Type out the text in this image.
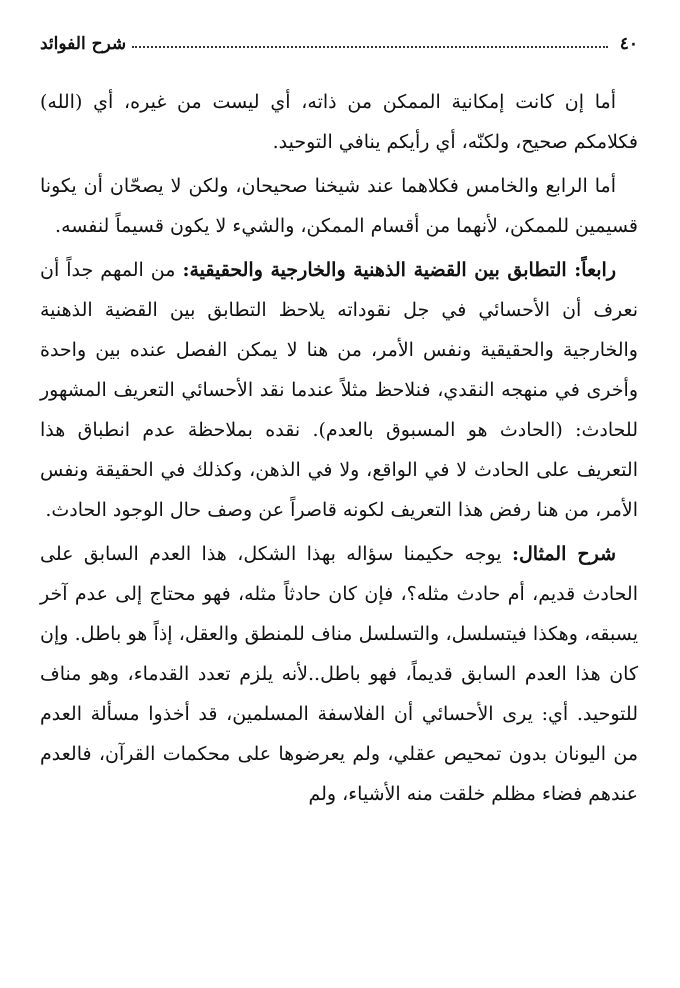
٤٠
شرح الفوائد

أما إن كانت إمكانية الممكن من ذاته، أي ليست من غيره، أي (الله) فكلامكم صحيح، ولكنّه، أي رأيكم ينافي التوحيد.

أما الرابع والخامس فكلاهما عند شيخنا صحيحان، ولكن لا يصحّان أن يكونا قسيمين للممكن، لأنهما من أقسام الممكن، والشيء لا يكون قسيماً لنفسه.

رابعاً: التطابق بين القضية الذهنية والخارجية والحقيقية: من المهم جداً أن نعرف أن الأحسائي في جل نقوداته يلاحظ التطابق بين القضية الذهنية والخارجية والحقيقية ونفس الأمر، من هنا لا يمكن الفصل عنده بين واحدة وأخرى في منهجه النقدي، فنلاحظ مثلاً عندما نقد الأحسائي التعريف المشهور للحادث: (الحادث هو المسبوق بالعدم). نقده بملاحظة عدم انطباق هذا التعريف على الحادث لا في الواقع، ولا في الذهن، وكذلك في الحقيقة ونفس الأمر، من هنا رفض هذا التعريف لكونه قاصراً عن وصف حال الوجود الحادث.

شرح المثال: يوجه حكيمنا سؤاله بهذا الشكل، هذا العدم السابق على الحادث قديم، أم حادث مثله؟، فإن كان حادثاً مثله، فهو محتاج إلى عدم آخر يسبقه، وهكذا فيتسلسل، والتسلسل مناف للمنطق والعقل، إذاً هو باطل. وإن كان هذا العدم السابق قديماً، فهو باطل..لأنه يلزم تعدد القدماء، وهو مناف للتوحيد. أي: يرى الأحسائي أن الفلاسفة المسلمين، قد أخذوا مسألة العدم من اليونان بدون تمحيص عقلي، ولم يعرضوها على محكمات القرآن، فالعدم عندهم فضاء مظلم خلقت منه الأشياء، ولم
